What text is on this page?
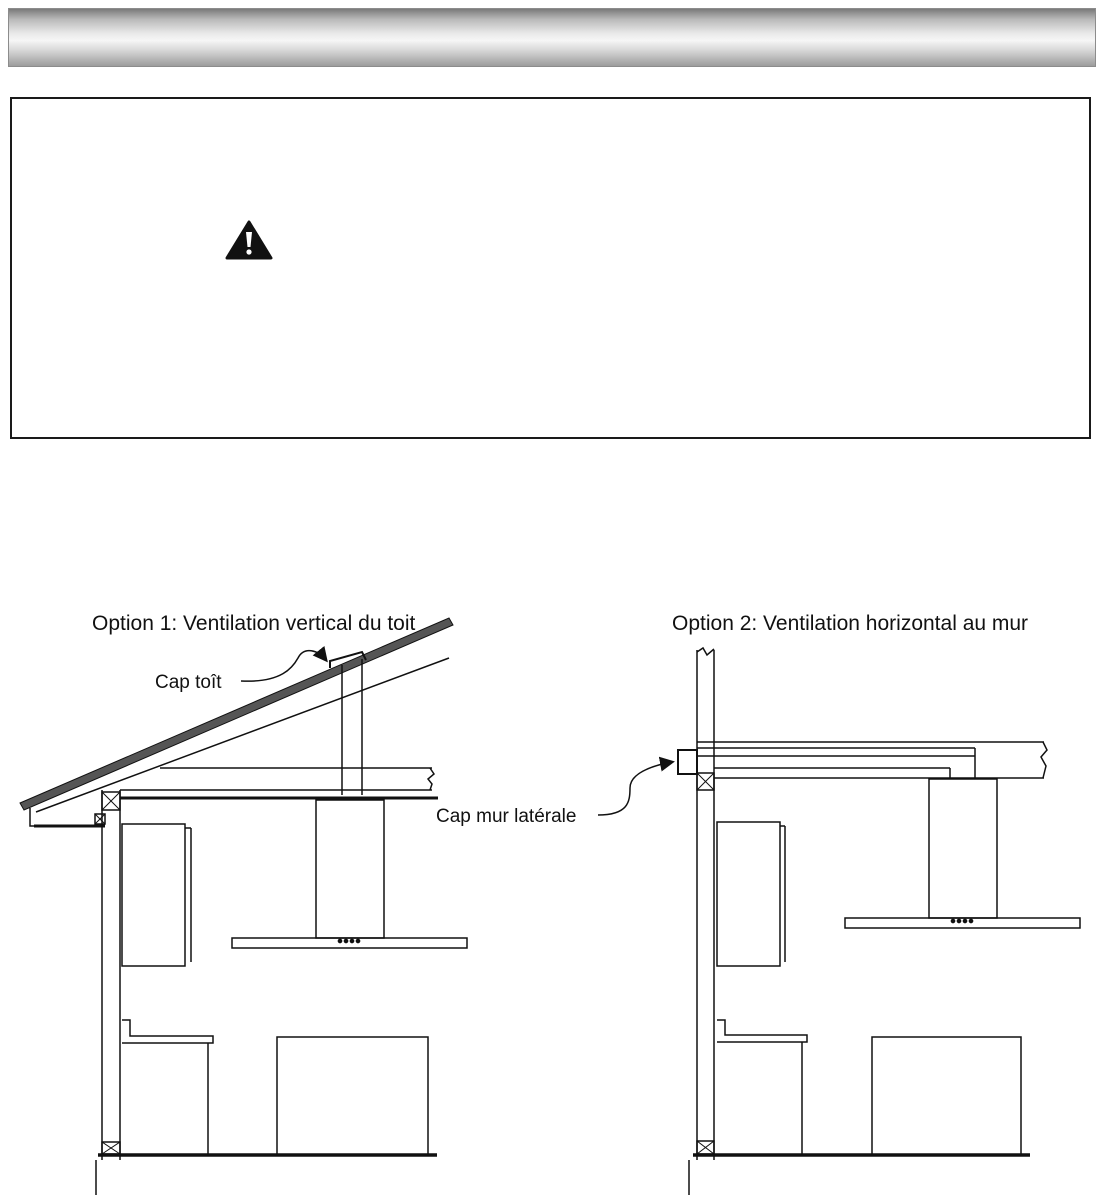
Option 1: Ventilation vertical du toit
Cap toît
Option 2: Ventilation horizontal au mur
Cap mur latérale
